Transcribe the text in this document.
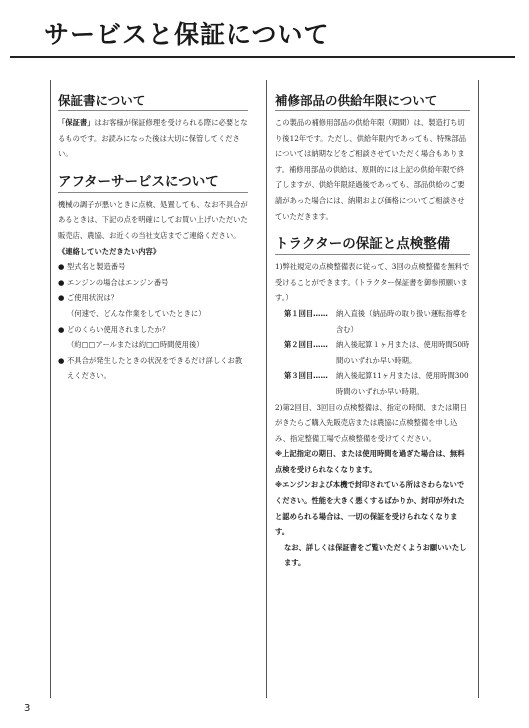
サービスと保証について
保証書について

「保証書」はお客様が保証修理を受けられる際に必要となるものです。お読みになった後は大切に保管してください。

アフターサービスについて

機械の調子が悪いときに点検、処置しても、なお不具合があるときは、下記の点を明確にしてお買い上げいただいた販売店、農協、お近くの当社支店までご連絡ください。

《連絡していただきたい内容》

● 型式名と製造番号
● エンジンの場合はエンジン番号
● ご使用状況は？
（何速で、どんな作業をしていたときに）
● どのくらい使用されましたか？
（約□□アールまたは約□□時間使用後）
● 不具合が発生したときの状況をできるだけ詳しくお教えください。
補修部品の供給年限について

この製品の補修用部品の供給年限（期間）は、製造打ち切り後12年です。ただし、供給年限内であっても、特殊部品については納期などをご相談させていただく場合もあります。補修用部品の供給は、原則的には上記の供給年限で終了しますが、供給年限経過後であっても、部品供給のご要請があった場合には、納期および価格についてご相談させていただきます。

トラクターの保証と点検整備

1)弊社規定の点検整備表に従って、3回の点検整備を無料で受けることができます。（トラクター保証書を御参照願います。）

第１回目……	納入直後（納品時の取り扱い運転指導を含む）
第２回目……	納入後起算１ヶ月または、使用時間50時間のいずれか早い時期。
第３回目……	納入後起算11ヶ月または、使用時間300時間のいずれか早い時期。

2)第2回目、3回目の点検整備は、指定の時間、または期日がきたらご購入先販売店または農協に点検整備を申し込み、指定整備工場で点検整備を受けてください。

※上記指定の期日、または使用時間を過ぎた場合は、無料点検を受けられなくなります。

※エンジンおよび本機で封印されている所はさわらないでください。性能を大きく悪くするばかりか、封印が外れたと認められる場合は、一切の保証を受けられなくなります。

なお、詳しくは保証書をご覧いただくようお願いいたします。

3
